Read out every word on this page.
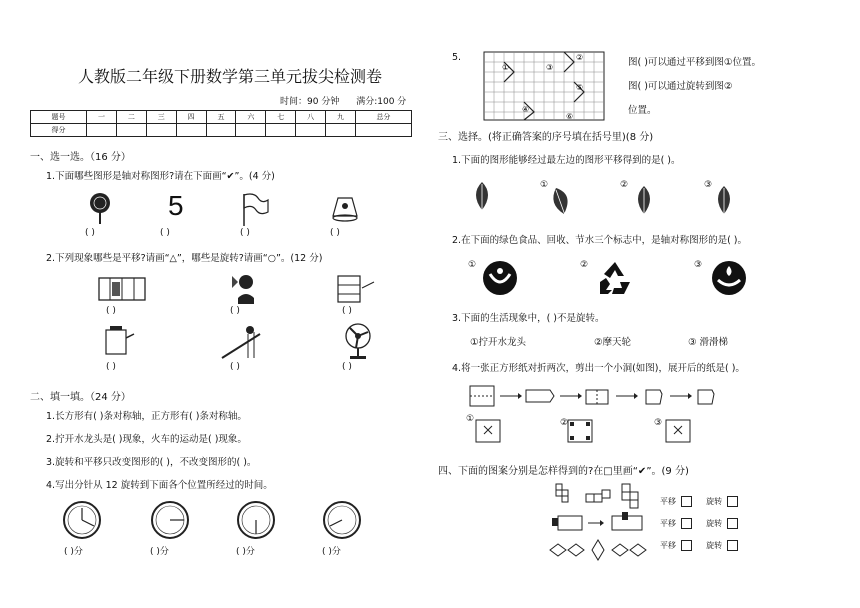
人教版二年级下册数学第三单元拔尖检测卷
时间：90 分钟 满分:100 分
题号	一	二	三	四	五	六	七	八	九	总分
得分										
一、选一选。（16 分）
1.下面哪些图形是轴对称图形?请在下面画“✔”。(4 分)
5
( )	( )	( )	( )
2.下列现象哪些是平移?请画“△”，哪些是旋转?请画“○”。(12 分)
( )	( )	( )
( )	( )	( )
二、填一填。（24 分）
1.长方形有( )条对称轴，正方形有( )条对称轴。
2.拧开水龙头是( )现象，火车的运动是( )现象。
3.旋转和平移只改变图形的( )，不改变图形的( )。
4.写出分针从 12 旋转到下面各个位置所经过的时间。
( )分	( )分	( )分	( )分
5.
①
②
③
④
⑤
⑥
图( )可以通过平移到图①位置。
图( )可以通过旋转到图②
位置。
三、选择。(将正确答案的序号填在括号里)(8 分)
1.下面的图形能够经过最左边的图形平移得到的是( )。
①	②	③
2.在下面的绿色食品、回收、节水三个标志中，是轴对称图形的是( )。
①	②	③
3.下面的生活现象中，( )不是旋转。
①拧开水龙头	②摩天轮	③ 滑滑梯
4.将一张正方形纸对折两次，剪出一个小洞(如图)，展开后的纸是( )。
①	②	③
四、下面的图案分别是怎样得到的?在□里画“✔”。(9 分)
平移	旋转
平移	旋转
平移	旋转
